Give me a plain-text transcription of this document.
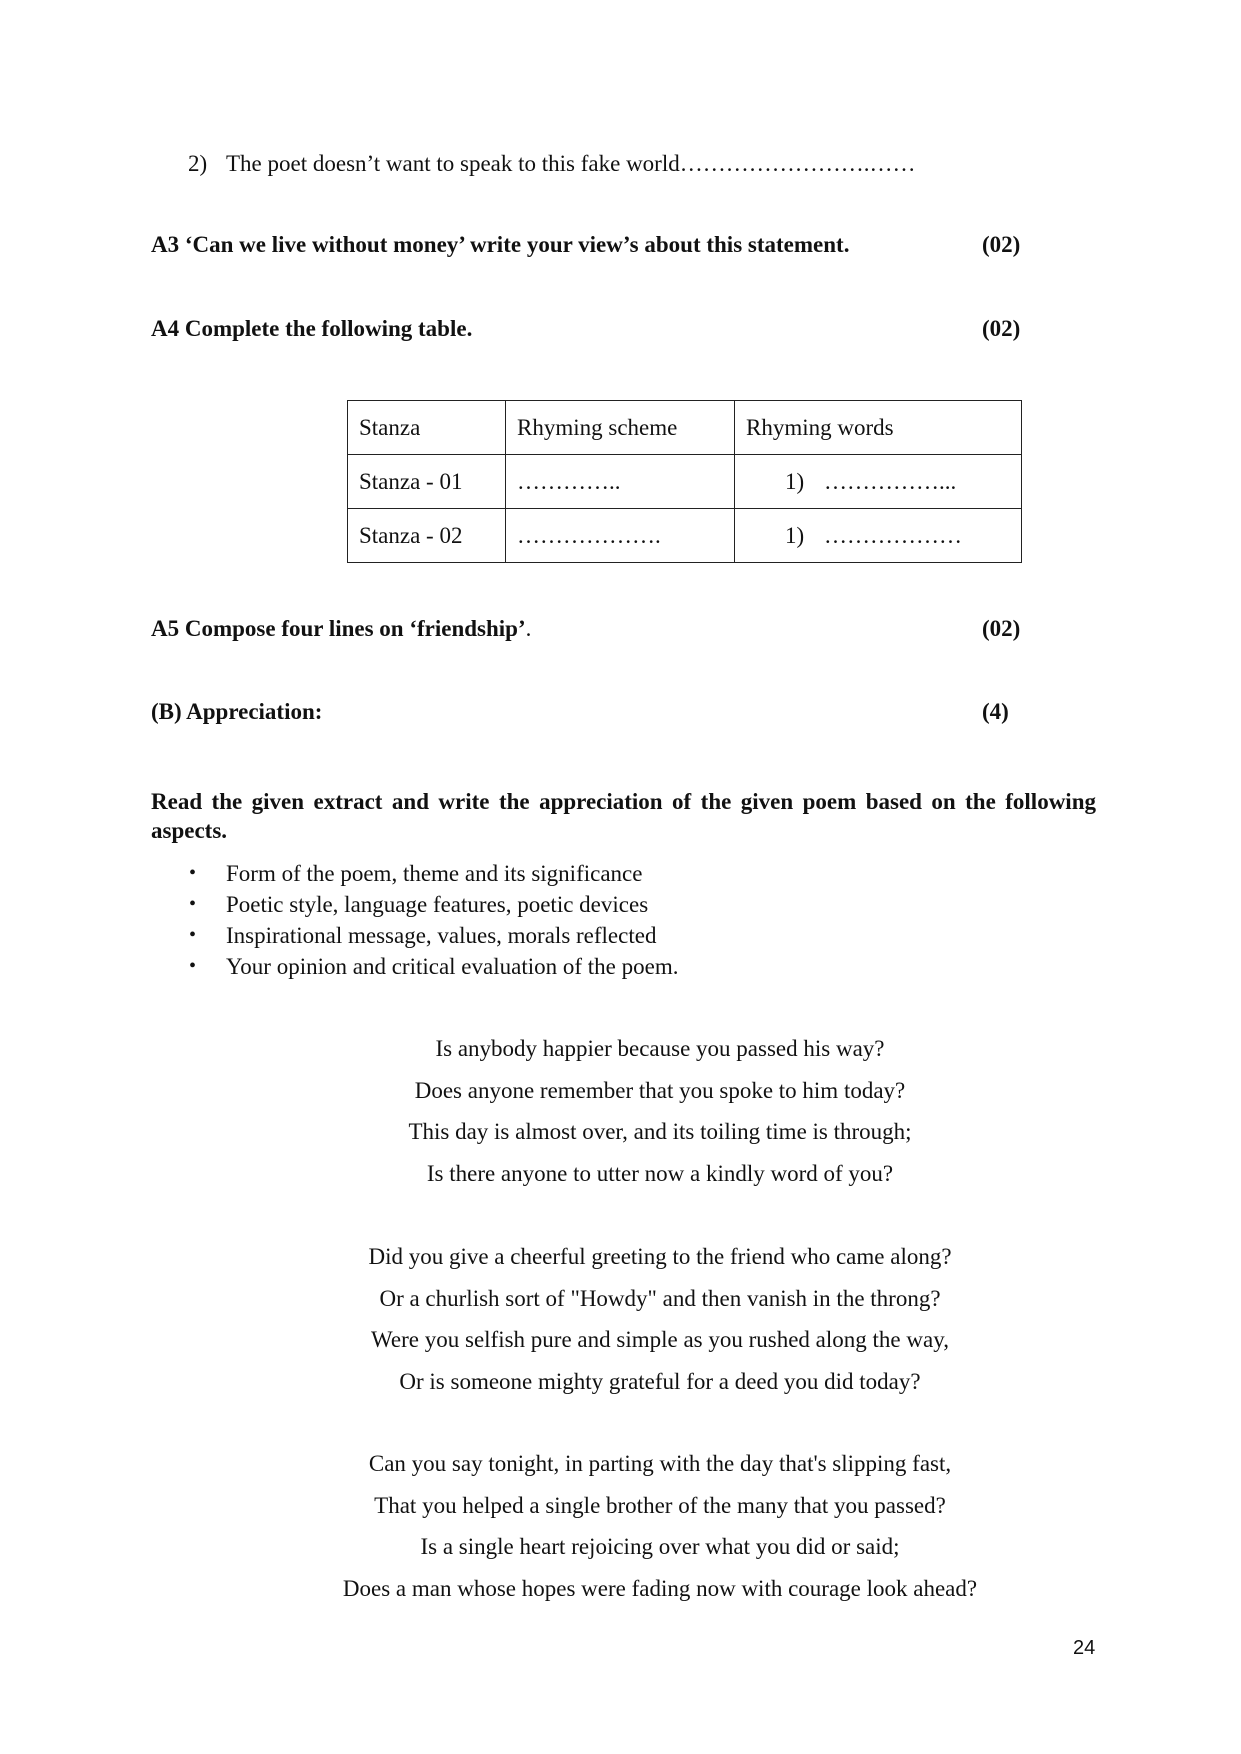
2) The poet doesn’t want to speak to this fake world…………………….……
A3 ‘Can we live without money’ write your view’s about this statement.	(02)
A4 Complete the following table.	(02)
Stanza	Rhyming scheme	Rhyming words
Stanza - 01	…………..	1) ……………...
Stanza - 02	……………….	1) ………………
A5 Compose four lines on ‘friendship’.	(02)
(B) Appreciation:	(4)
Read the given extract and write the appreciation of the given poem based on the following aspects.
• Form of the poem, theme and its significance
• Poetic style, language features, poetic devices
• Inspirational message, values, morals reflected
• Your opinion and critical evaluation of the poem.
Is anybody happier because you passed his way?
Does anyone remember that you spoke to him today?
This day is almost over, and its toiling time is through;
Is there anyone to utter now a kindly word of you?
Did you give a cheerful greeting to the friend who came along?
Or a churlish sort of "Howdy" and then vanish in the throng?
Were you selfish pure and simple as you rushed along the way,
Or is someone mighty grateful for a deed you did today?
Can you say tonight, in parting with the day that's slipping fast,
That you helped a single brother of the many that you passed?
Is a single heart rejoicing over what you did or said;
Does a man whose hopes were fading now with courage look ahead?
24
